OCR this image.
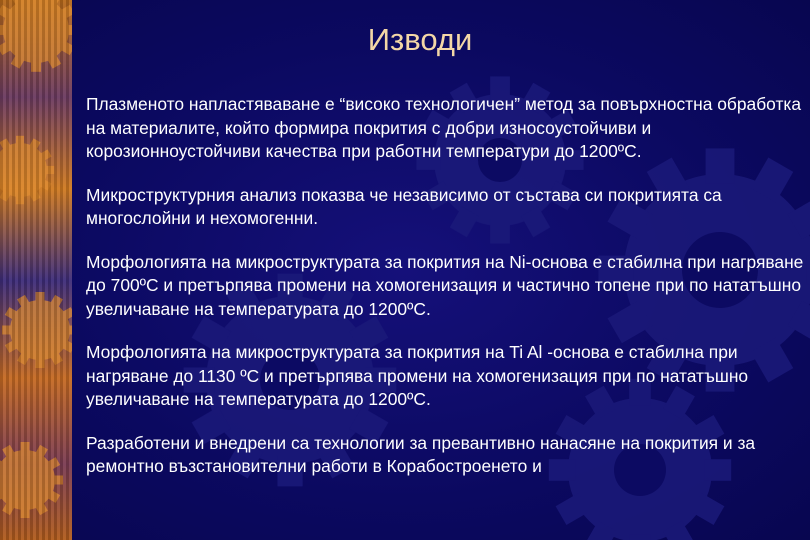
Изводи

Плазменото напластяваване е “високо технологичен” метод за повърхностна обработка на материалите, който формира покрития с добри износоустойчиви и корозионноустойчиви качества при работни температури до 1200ºС.

Микроструктурния анализ показва че независимо от състава си покритията са многослойни и нехомогенни.

Морфологията на микроструктурата за покрития на Ni-основа е стабилна при нагряване до 700ºС и претърпява промени на хомогенизация и частично топене при по нататъшно увеличаване на температурата до 1200ºС.

Морфологията на микроструктурата за покрития на Ti Al -основа е стабилна при нагряване до 1130 ºС и претърпява промени на хомогенизация при по нататъшно увеличаване на температурата до 1200ºС.

Разработени и внедрени са технологии за превантивно нанасяне на покрития и за ремонтно възстановителни работи в Корабостроенето и
